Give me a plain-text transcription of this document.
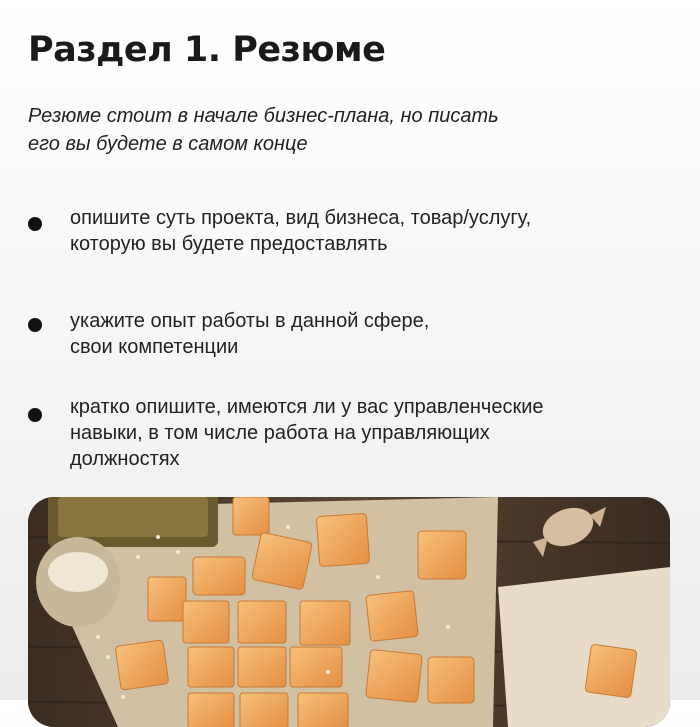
Раздел 1. Резюме
Резюме стоит в начале бизнес-плана, но писать
его вы будете в самом конце
опишите суть проекта, вид бизнеса, товар/услугу,
которую вы будете предоставлять
укажите опыт работы в данной сфере,
свои компетенции
кратко опишите, имеются ли у вас управленческие
навыки, в том числе работа на управляющих
должностях
